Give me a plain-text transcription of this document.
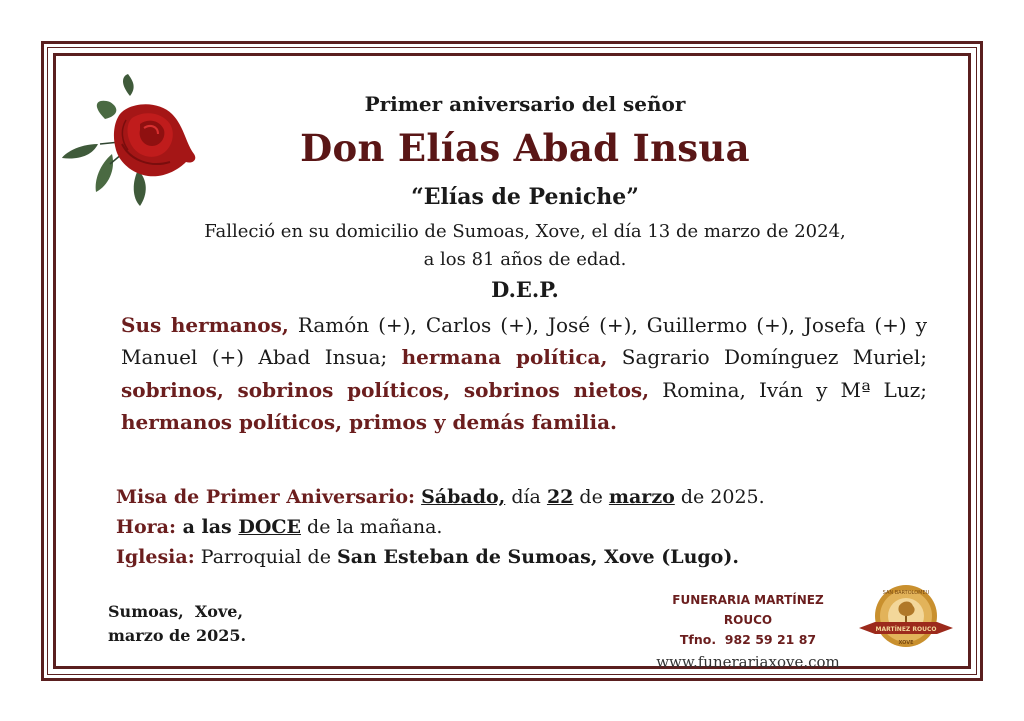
Primer aniversario del señor
Don Elías Abad Insua
“Elías de Peniche”
Falleció en su domicilio de Sumoas, Xove, el día 13 de marzo de 2024,
a los 81 años de edad.
D.E.P.
Sus hermanos, Ramón (+), Carlos (+), José (+), Guillermo (+), Josefa (+) y Manuel (+) Abad Insua; hermana política, Sagrario Domínguez Muriel; sobrinos, sobrinos políticos, sobrinos nietos, Romina, Iván y Mª Luz; hermanos políticos, primos y demás familia.
Misa de Primer Aniversario: Sábado, día 22 de marzo de 2025.
Hora: a las DOCE de la mañana.
Iglesia: Parroquial de San Esteban de Sumoas, Xove (Lugo).
Sumoas,  Xove,
marzo de 2025.
FUNERARIA MARTÍNEZ ROUCO
Tfno.  982 59 21 87
www.funerariaxove.com
MARTÍNEZ ROUCO
SAN BARTOLOMEU
XOVE
